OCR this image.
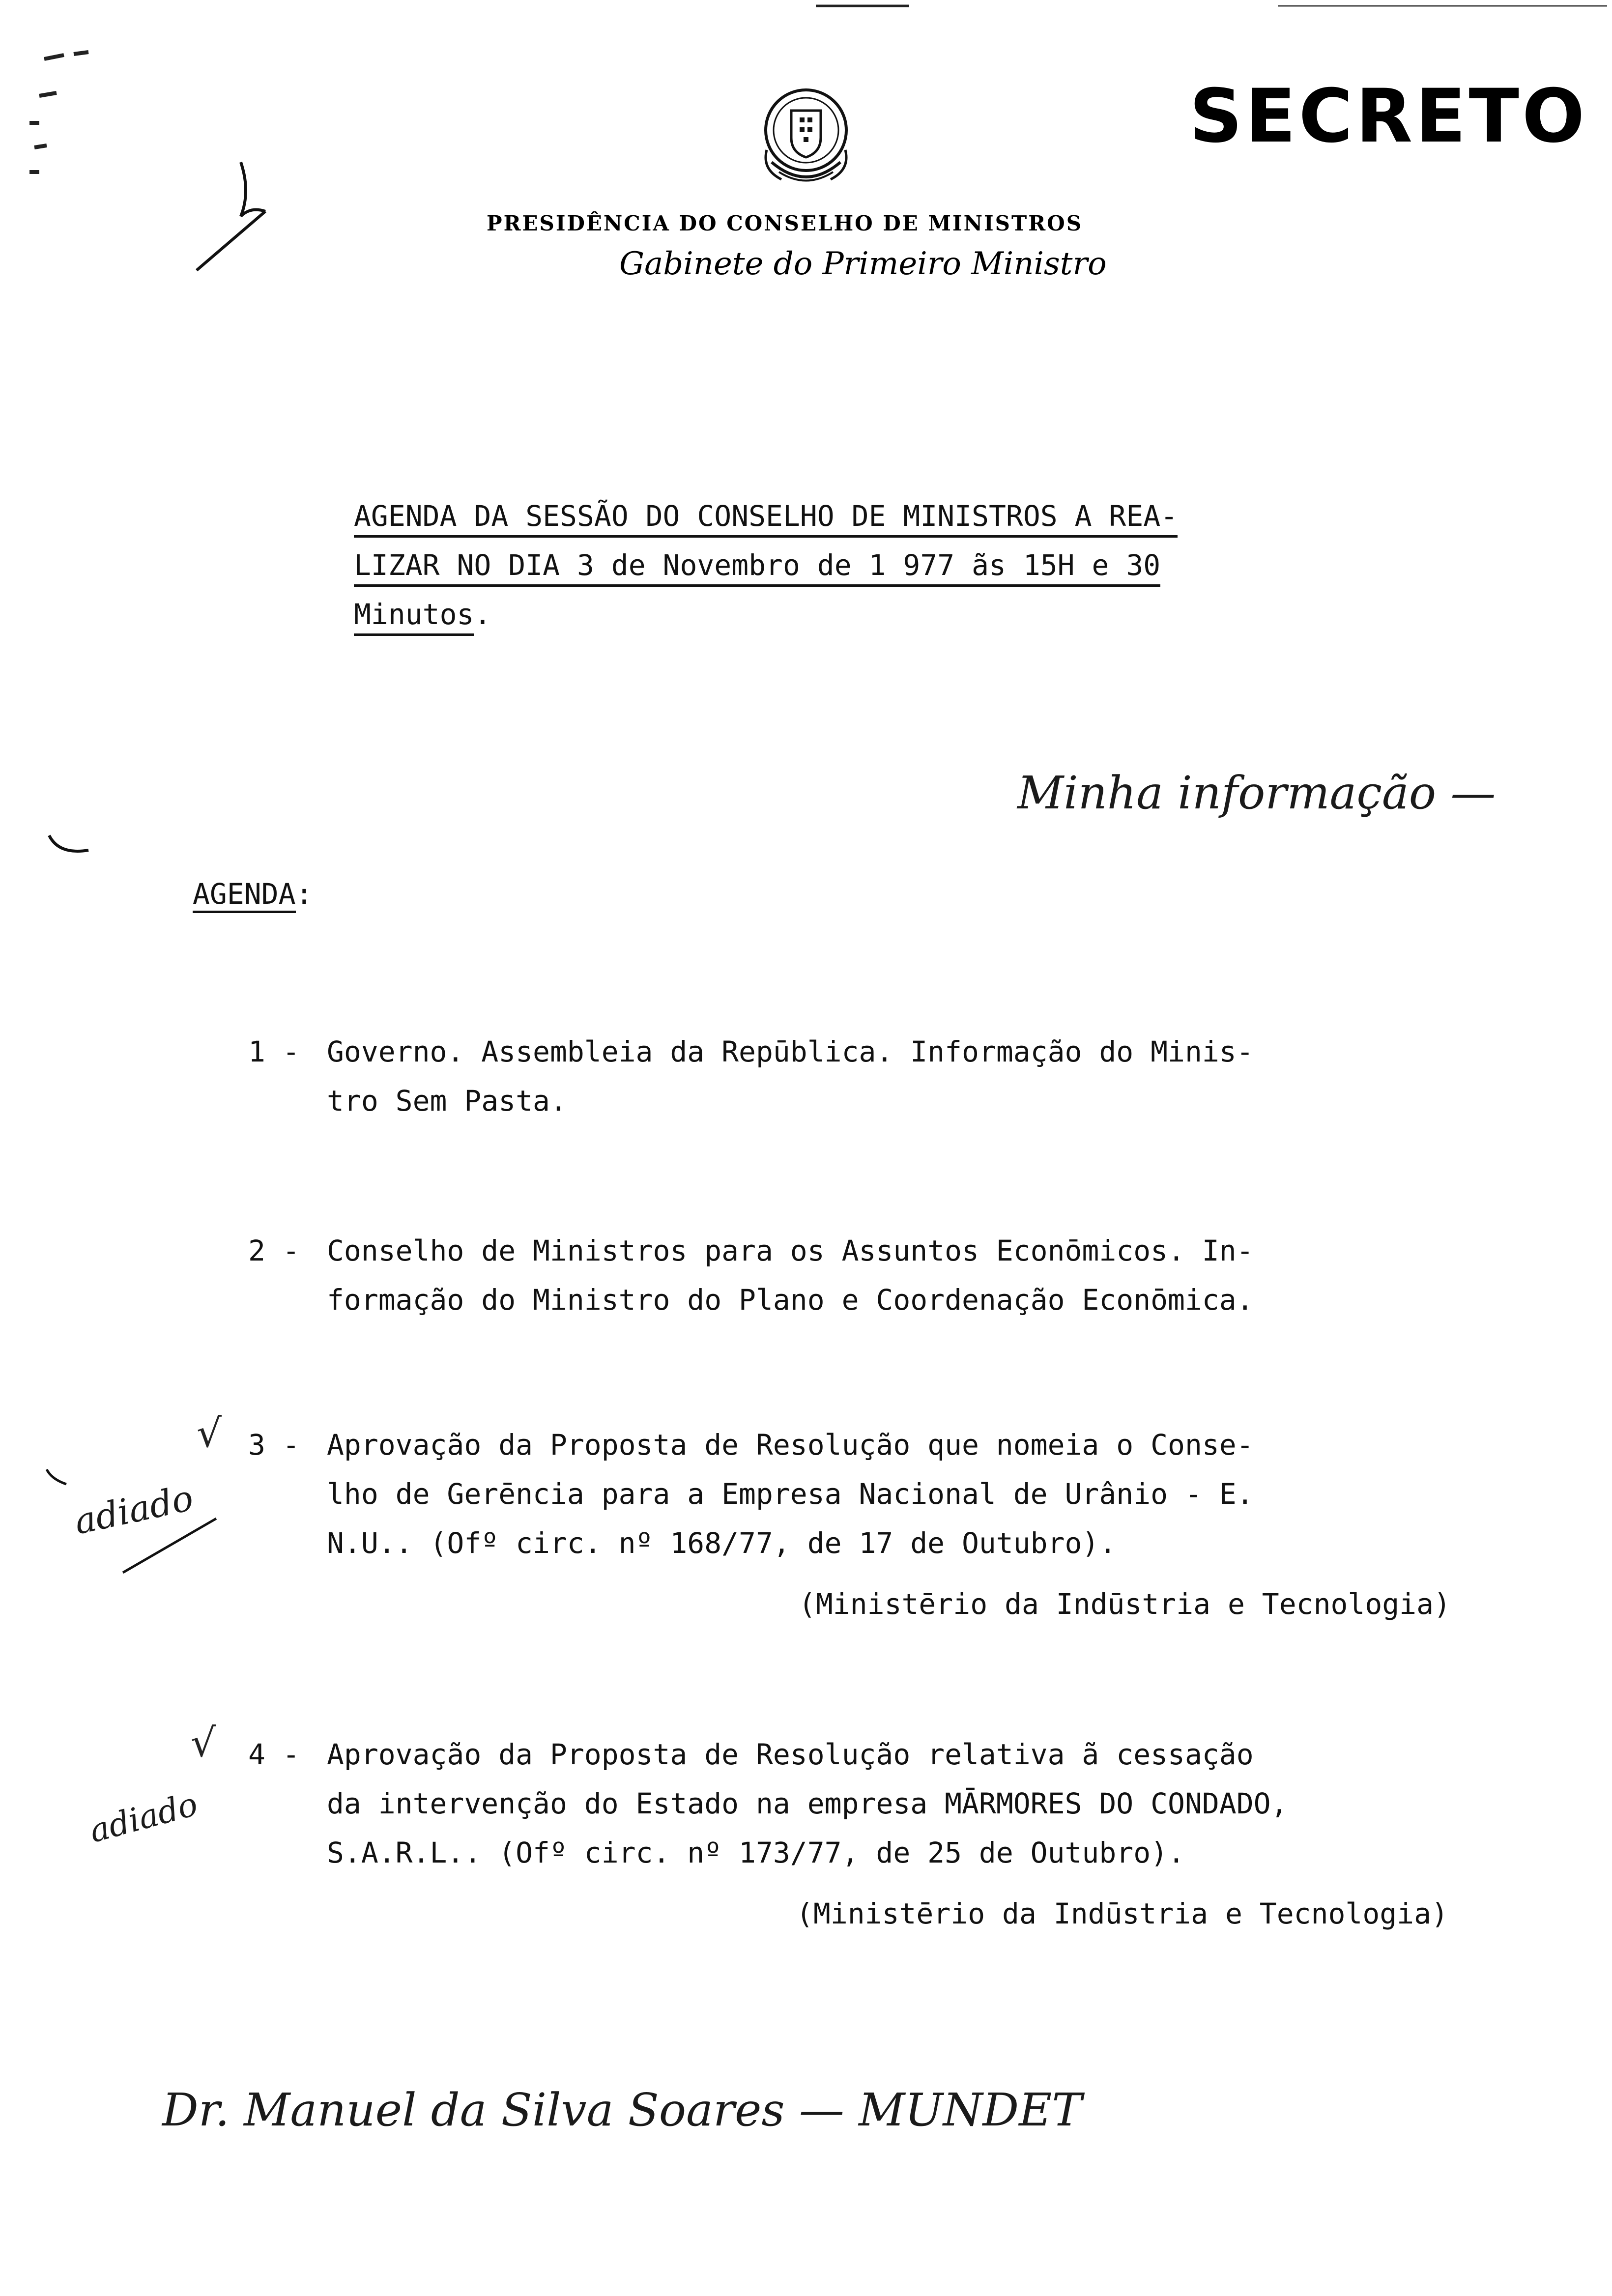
SECRETO
PRESIDÊNCIA DO CONSELHO DE MINISTROS
Gabinete do Primeiro Ministro
AGENDA DA SESSÃO DO CONSELHO DE MINISTROS A REA-
LIZAR NO DIA 3 de Novembro de 1 977 ãs 15H e 30
Minutos.
Minha informação —
adiado
adiado
Dr. Manuel da Silva Soares — MUNDET
√
√
AGENDA:

1 -

Governo. Assembleia da Repūblica. Informação do Minis-
tro Sem Pasta.

2 -

Conselho de Ministros para os Assuntos Econōmicos. In-
formação do Ministro do Plano e Coordenação Econōmica.

3 -

Aprovação da Proposta de Resolução que nomeia o Conse-
lho de Gerēncia para a Empresa Nacional de Urânio - E.
N.U.. (Ofº circ. nº 168/77, de 17 de Outubro).

(Ministērio da Indūstria e Tecnologia)

4 -

Aprovação da Proposta de Resolução relativa ã cessação
da intervenção do Estado na empresa MĀRMORES DO CONDADO,
S.A.R.L.. (Ofº circ. nº 173/77, de 25 de Outubro).

(Ministērio da Indūstria e Tecnologia)
